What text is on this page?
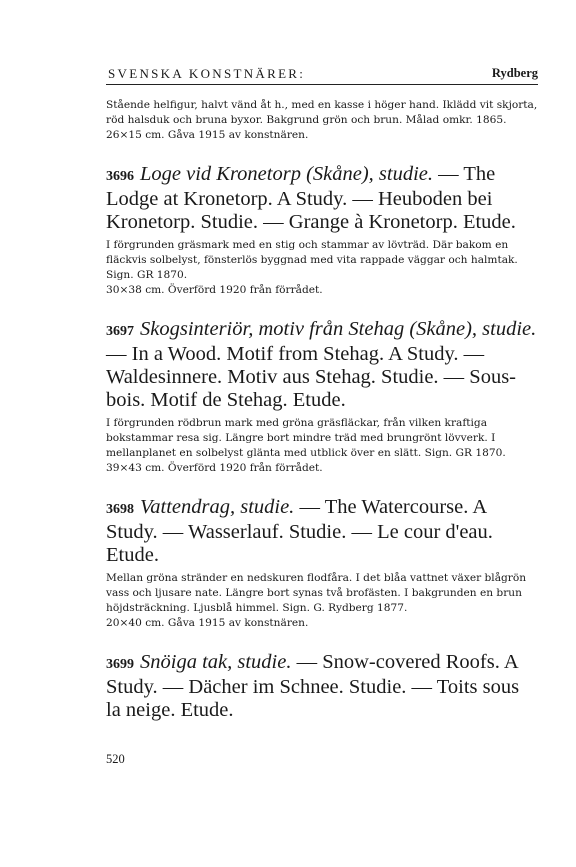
SVENSKA KONSTNÄRER:	Rydberg

Stående helfigur, halvt vänd åt h., med en kasse i höger hand. Iklädd vit skjorta, röd halsduk och bruna byxor. Bakgrund grön och brun. Målad omkr. 1865.

26×15 cm. Gåva 1915 av konstnären.

3696 Loge vid Kronetorp (Skåne), studie. — The Lodge at Kronetorp. A Study. — Heuboden bei Kronetorp. Studie. — Grange à Kronetorp. Etude.

I förgrunden gräsmark med en stig och stammar av lövträd. Där bakom en fläckvis solbelyst, fönsterlös byggnad med vita rappade väggar och halmtak. Sign. GR 1870.

30×38 cm. Överförd 1920 från förrådet.

3697 Skogsinteriör, motiv från Stehag (Skåne), studie. — In a Wood. Motif from Stehag. A Study. — Waldesinnere. Motiv aus Stehag. Studie. — Sous-bois. Motif de Stehag. Etude.

I förgrunden rödbrun mark med gröna gräsfläckar, från vilken kraftiga bokstammar resa sig. Längre bort mindre träd med brungrönt lövverk. I mellanplanet en solbelyst glänta med utblick över en slätt. Sign. GR 1870.

39×43 cm. Överförd 1920 från förrådet.

3698 Vattendrag, studie. — The Watercourse. A Study. — Wasserlauf. Studie. — Le cour d'eau. Etude.

Mellan gröna stränder en nedskuren flodfåra. I det blåa vattnet växer blågrön vass och ljusare nate. Längre bort synas två brofästen. I bakgrunden en brun höjdsträckning. Ljusblå himmel. Sign. G. Rydberg 1877.

20×40 cm. Gåva 1915 av konstnären.

3699 Snöiga tak, studie. — Snow-covered Roofs. A Study. — Dächer im Schnee. Studie. — Toits sous la neige. Etude.

520
